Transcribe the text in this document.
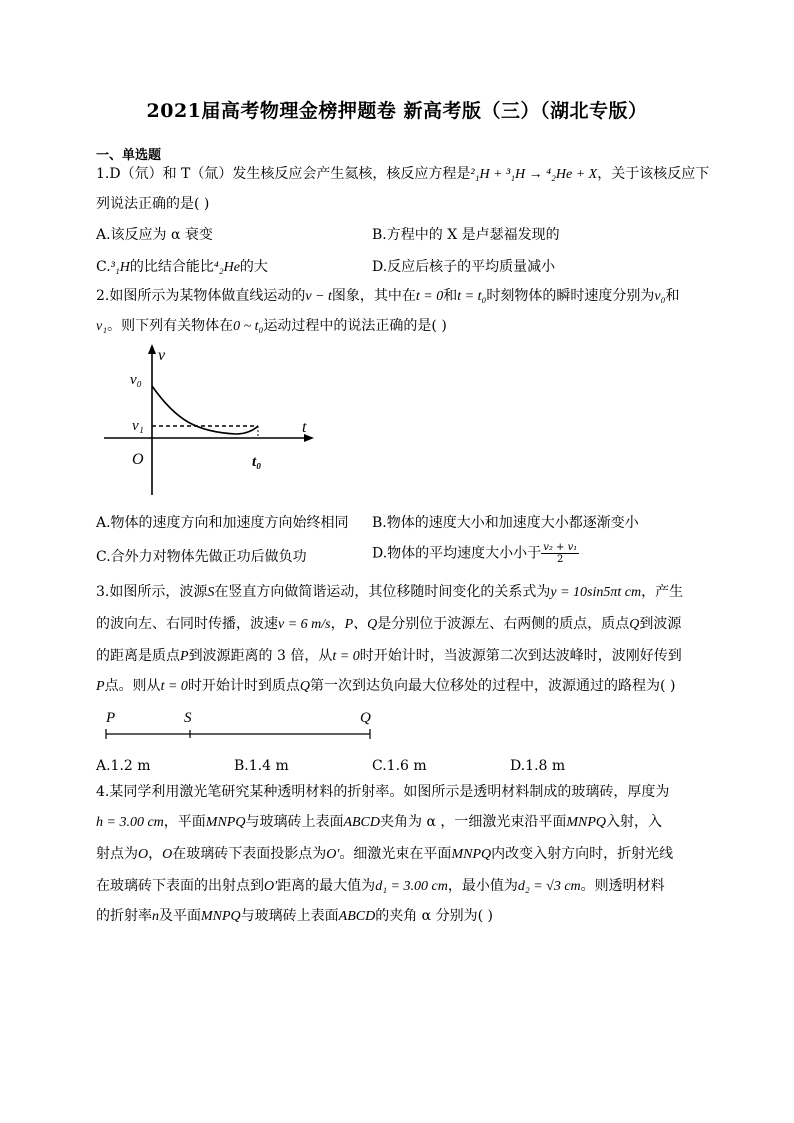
2021届高考物理金榜押题卷 新高考版（三）（湖北专版）
一、单选题
1.D（氘）和 T（氚）发生核反应会产生氦核，核反应方程是²₁H + ³₁H → ⁴₂He + X，关于该核反应下
列说法正确的是( )
A.该反应为 α 衰变	B.方程中的 X 是卢瑟福发现的
C.³₁H的比结合能比⁴₂He的大	D.反应后核子的平均质量减小
2.如图所示为某物体做直线运动的v − t图象，其中在t = 0和t = t₀时刻物体的瞬时速度分别为v₀和
v₁。则下列有关物体在0 ~ t₀运动过程中的说法正确的是( )
v
t
v₀
v₁
O	t₀
A.物体的速度方向和加速度方向始终相同 B.物体的速度大小和加速度大小都逐渐变小
C.合外力对物体先做正功后做负功	D.物体的平均速度大小小于 $\frac{\text{v₂ + v₁}}{2}$
3.如图所示，波源S在竖直方向做简谐运动，其位移随时间变化的关系式为y = 10sin5πt cm，产生
的波向左、右同时传播，波速v = 6 m/s，P、Q是分别位于波源左、右两侧的质点，质点Q到波源
的距离是质点P到波源距离的 3 倍，从t = 0时开始计时，当波源第二次到达波峰时，波刚好传到
P点。则从t = 0时开始计时到质点Q第一次到达负向最大位移处的过程中，波源通过的路程为( )
P	S	Q
A.1.2 m	B.1.4 m	C.1.6 m	D.1.8 m
4.某同学利用激光笔研究某种透明材料的折射率。如图所示是透明材料制成的玻璃砖，厚度为
h = 3.00 cm，平面MNPQ与玻璃砖上表面ABCD夹角为 α ，一细激光束沿平面MNPQ入射，入
射点为O，O在玻璃砖下表面投影点为O′。细激光束在平面MNPQ内改变入射方向时，折射光线
在玻璃砖下表面的出射点到O′距离的最大值为d₁ = 3.00 cm，最小值为d₂ = √3 cm。则透明材料
的折射率n及平面MNPQ与玻璃砖上表面ABCD的夹角 α 分别为( )
